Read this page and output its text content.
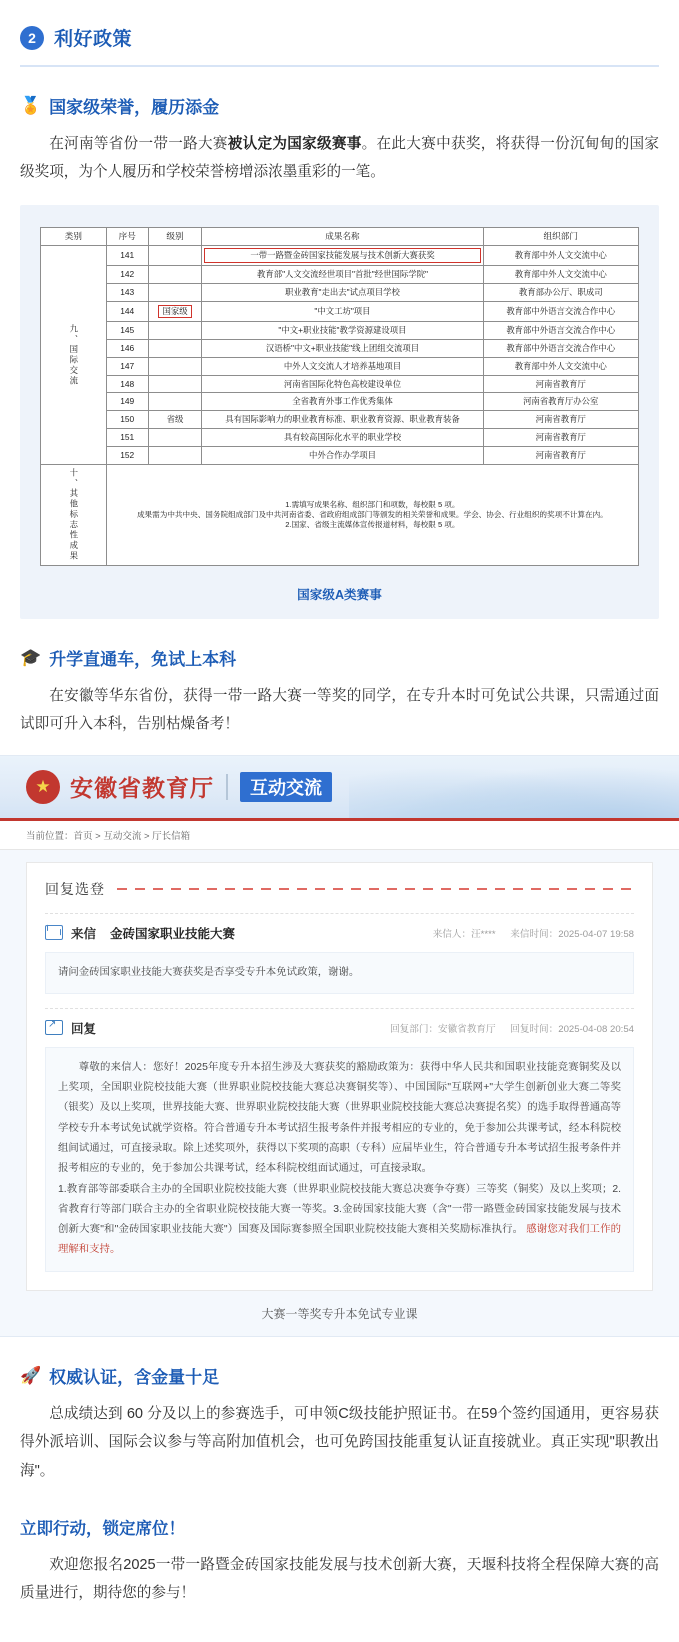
2 利好政策
🏅 国家级荣誉，履历添金

在河南等省份一带一路大赛被认定为国家级赛事。在此大赛中获奖，将获得一份沉甸甸的国家级奖项，为个人履历和学校荣誉榜增添浓墨重彩的一笔。

类别	序号	级别	成果名称	组织部门
九、国际交流	141		一带一路暨金砖国家技能发展与技术创新大赛获奖	教育部中外人文交流中心
	142		教育部"人文交流经世项目"首批"经世国际学院"	教育部中外人文交流中心
	143		职业教育"走出去"试点项目学校	教育部办公厅、职成司
	144	国家级	"中文工坊"项目	教育部中外语言交流合作中心
	145		"中文+职业技能"教学资源建设项目	教育部中外语言交流合作中心
	146		汉语桥"中文+职业技能"线上团组交流项目	教育部中外语言交流合作中心
	147		中外人文交流人才培养基地项目	教育部中外人文交流中心
	148		河南省国际化特色高校建设单位	河南省教育厅
	149		全省教育外事工作优秀集体	河南省教育厅办公室
	150	省级	具有国际影响力的职业教育标准、职业教育资源、职业教育装备	河南省教育厅
	151		具有较高国际化水平的职业学校	河南省教育厅
	152		中外合作办学项目	河南省教育厅
十、其他标志性成果	1.需填写成果名称、组织部门和项数，每校限 5 项。
成果需为中共中央、国务院组成部门及中共河南省委、省政府组成部门等颁发的相关荣誉和成果。学会、协会、行业组织的奖项不计算在内。
2.国家、省级主流媒体宣传报道材料，每校限 5 项。			
国家级A类赛事
🎓 升学直通车，免试上本科

在安徽等华东省份，获得一带一路大赛一等奖的同学，在专升本时可免试公共课，只需通过面试即可升入本科，告别枯燥备考！

★ 安徽省教育厅	互动交流
当前位置：首页 > 互动交流 > 厅长信箱
回复选登
来信 金砖国家职业技能大赛	来信人：汪**** 来信时间：2025-04-07 19:58
请问金砖国家职业技能大赛获奖是否享受专升本免试政策，谢谢。
↗
回复	回复部门：安徽省教育厅 回复时间：2025-04-08 20:54
尊敬的来信人：您好！2025年度专升本招生涉及大赛获奖的豁励政策为：获得中华人民共和国职业技能竞赛铜奖及以上奖项，全国职业院校技能大赛（世界职业院校技能大赛总决赛铜奖等）、中国国际"互联网+"大学生创新创业大赛二等奖（银奖）及以上奖项，世界技能大赛、世界职业院校技能大赛（世界职业院校技能大赛总决赛提名奖）的选手取得普通高等学校专升本考试免试就学资格。符合普通专升本考试招生报考条件并报考相应的专业的，免于参加公共课考试，经本科院校组间试通过，可直接录取。除上述奖项外，获得以下奖项的高职（专科）应届毕业生，符合普通专升本考试招生报考条件并报考相应的专业的，免于参加公共课考试，经本科院校组面试通过，可直接录取。
1.教育部等部委联合主办的全国职业院校技能大赛（世界职业院校技能大赛总决赛争夺赛）三等奖（铜奖）及以上奖项；2.省教育行等部门联合主办的全省职业院校技能大赛一等奖。3.金砖国家技能大赛（含"一带一路暨金砖国家技能发展与技术创新大赛"和"金砖国家职业技能大赛"）国赛及国际赛参照全国职业院校技能大赛相关奖励标准执行。 感谢您对我们工作的理解和支持。
大赛一等奖专升本免试专业课
🚀 权威认证，含金量十足

总成绩达到 60 分及以上的参赛选手，可申领C级技能护照证书。在59个签约国通用，更容易获得外派培训、国际会议参与等高附加值机会，也可免跨国技能重复认证直接就业。真正实现"职教出海"。

立即行动，锁定席位！

欢迎您报名2025一带一路暨金砖国家技能发展与技术创新大赛，天堰科技将全程保障大赛的高质量进行，期待您的参与！
